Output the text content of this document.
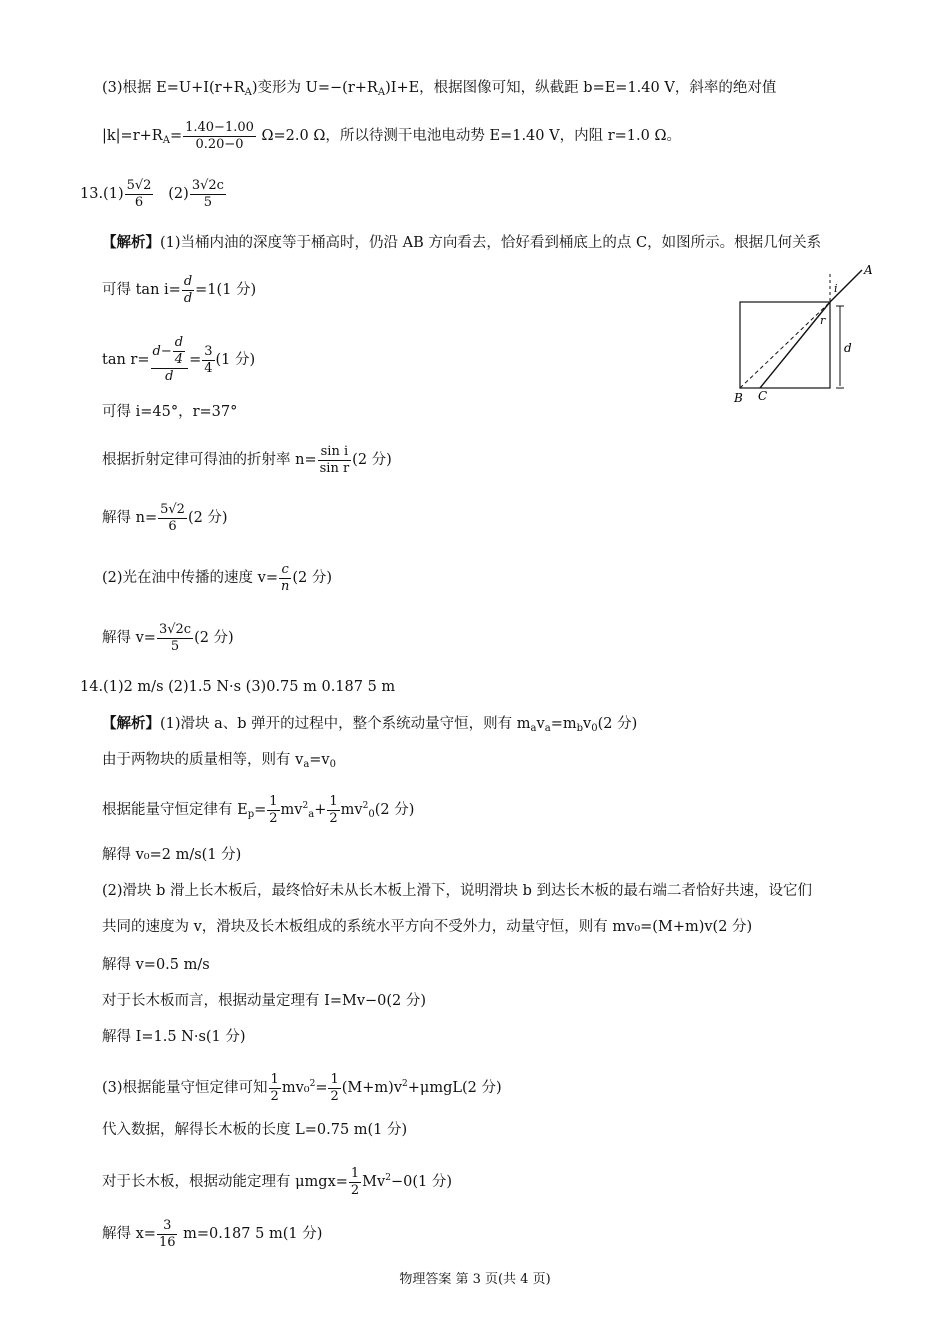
(3)根据 $E=U+I(r+R_A)$变形为 $U=-(r+R_A)I+E$，根据图像可知，纵截距 b=E=1.40 V，斜率的绝对值
$|k|=r+R_A= \frac{1.40-1.00}{0.20-0} \Omega=2.0$ Ω，所以待测干电池电动势 E=1.40 V，内阻 r=1.0 Ω。
$13.(1) \frac{5√2}{6} (2) \frac{3√2c}{5}$
【解析】(1)当桶内油的深度等于桶高时，仍沿 AB 方向看去，恰好看到桶底上的点 C，如图所示。根据几何关系
可得 $\tan i= \frac{d}{d} =1(1$ 分)
$\tan r= \frac{d- \frac{d}{4}}{d} = \frac{3}{4} (1$ 分)
可得 i=45°，r=37°
根据折射定律可得油的折射率 $n= \frac{\text{sin i}}{\text{sin r}} (2$ 分)
解得 $n= \frac{5√2}{6} (2$ 分)
(2)光在油中传播的速度 $v= \frac{c}{n} (2$ 分)
解得 $v= \frac{3√2c}{5} (2$ 分)
A
B C
i
r
d
14.(1)2 m/s (2)1.5 N·s (3)0.75 m 0.187 5 m
【解析】(1)滑块 a、b 弹开的过程中，整个系统动量守恒，则有 $m_av_a=m_bv_0(2$ 分)
由于两物块的质量相等，则有 $v_a=v_0$
根据能量守恒定律有 $E_p= \frac{1}{2} mv^2_a+ \frac{1}{2} mv^2_0(2$ 分)
解得 v₀=2 m/s(1 分)
(2)滑块 b 滑上长木板后，最终恰好未从长木板上滑下，说明滑块 b 到达长木板的最右端二者恰好共速，设它们
共同的速度为 v，滑块及长木板组成的系统水平方向不受外力，动量守恒，则有 mv₀=(M+m)v(2 分)
解得 v=0.5 m/s
对于长木板而言，根据动量定理有 I=Mv−0(2 分)
解得 I=1.5 N·s(1 分)
(3)根据能量守恒定律可知 $\frac{1}{2} mv_0^2= \frac{1}{2} (M+m)v^2+\mu mgL(2$ 分)
代入数据，解得长木板的长度 L=0.75 m(1 分)
对于长木板，根据动能定理有 $\mu mgx= \frac{1}{2} Mv^2-0(1$ 分)
解得 $x= \frac{3}{16} m=0.187$ 5 m(1 分)
物理答案 第 3 页(共 4 页)
